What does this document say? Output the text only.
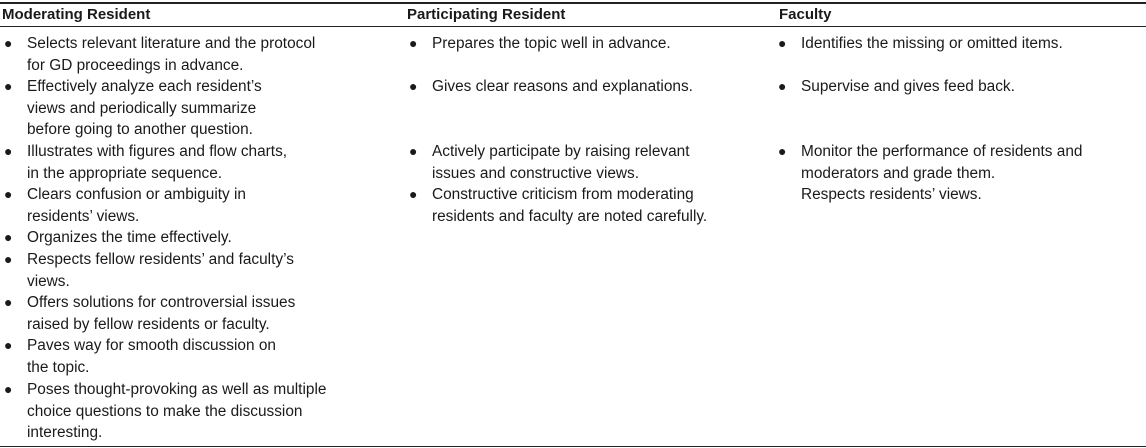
Moderating Resident	Participating Resident	Faculty
● Selects relevant literature and the protocol
for GD proceedings in advance.
● Effectively analyze each resident’s
views and periodically summarize
before going to another question.
● Illustrates with figures and flow charts,
in the appropriate sequence.
● Clears confusion or ambiguity in
residents’ views.
● Organizes the time effectively.
● Respects fellow residents’ and faculty’s
views.
● Offers solutions for controversial issues
raised by fellow residents or faculty.
● Paves way for smooth discussion on
the topic.
● Poses thought-provoking as well as multiple
choice questions to make the discussion
interesting.
● Prepares the topic well in advance.
● Gives clear reasons and explanations.
● Actively participate by raising relevant
issues and constructive views.
● Constructive criticism from moderating
residents and faculty are noted carefully.
● Identifies the missing or omitted items.
● Supervise and gives feed back.
● Monitor the performance of residents and
moderators and grade them.
Respects residents’ views.
